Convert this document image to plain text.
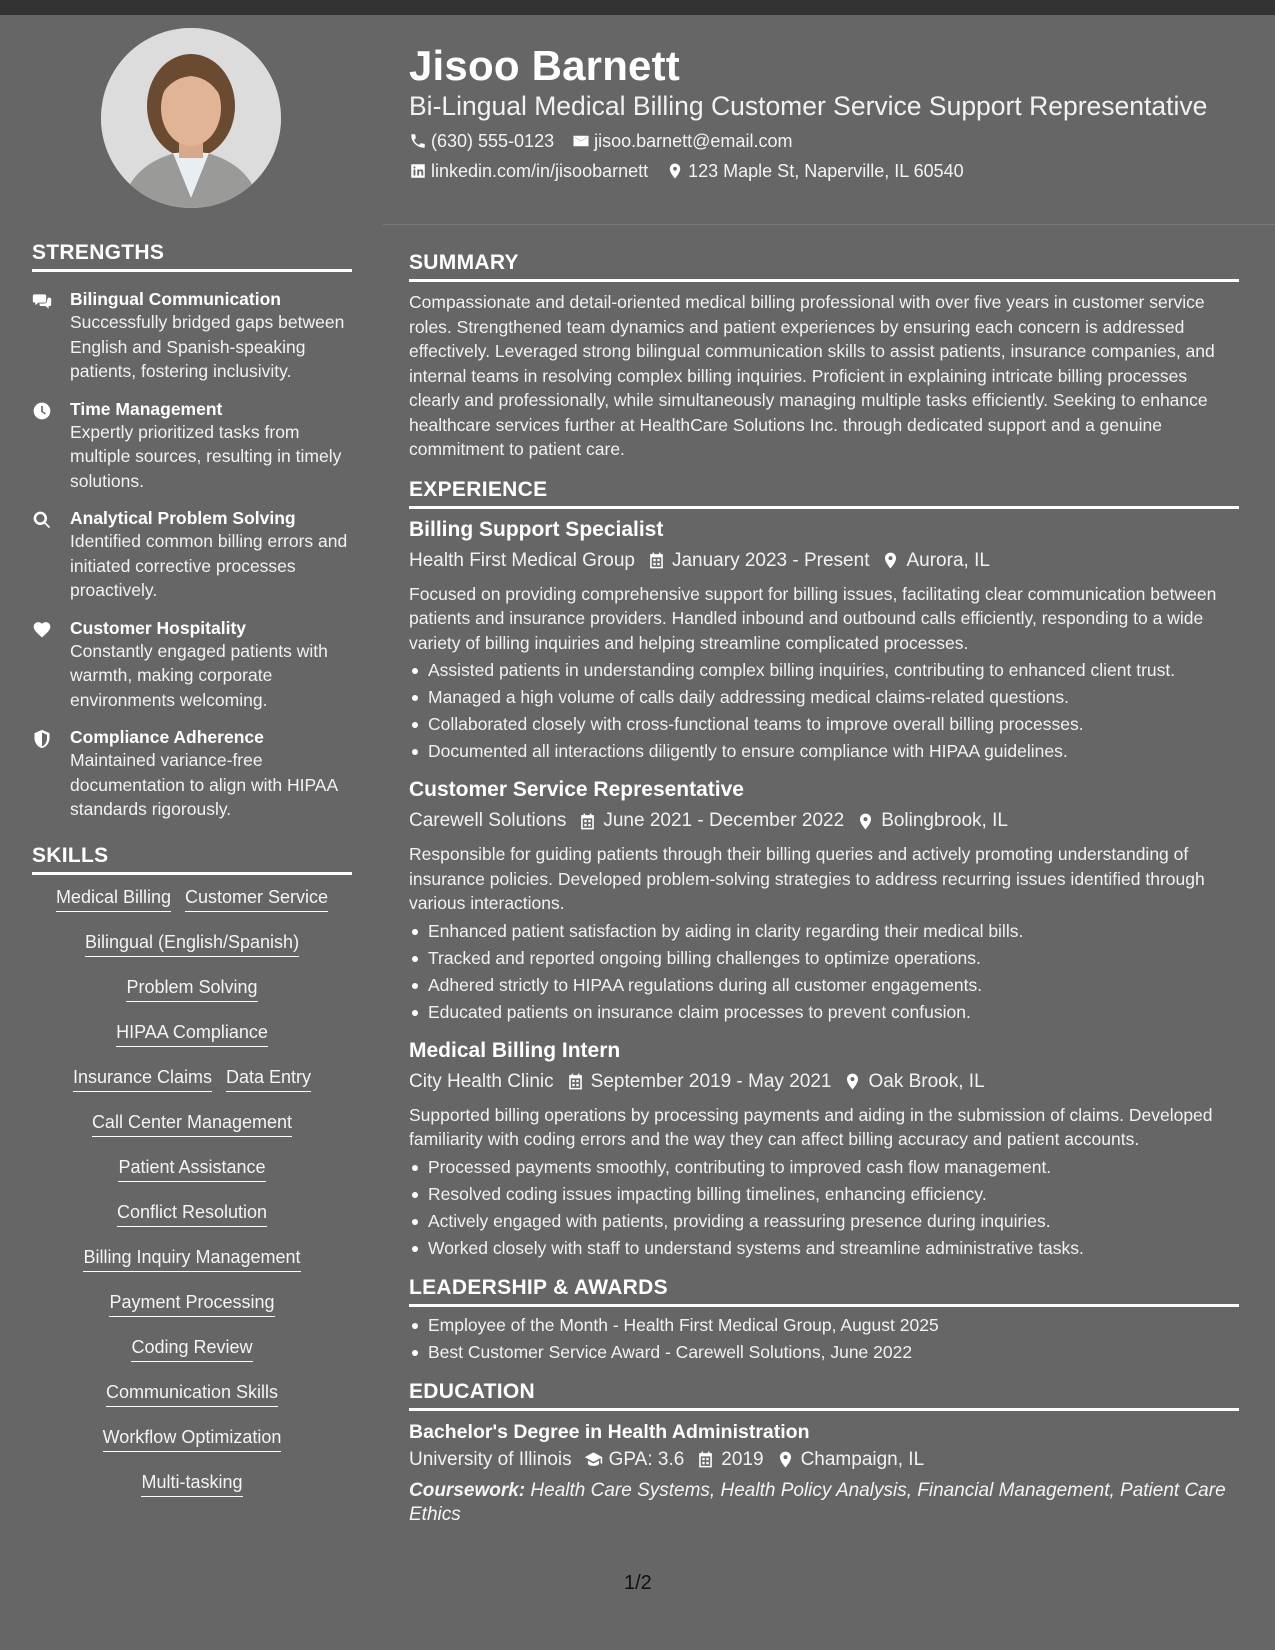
STRENGTHS
Bilingual Communication
Successfully bridged gaps between English and Spanish-speaking patients, fostering inclusivity.
Time Management
Expertly prioritized tasks from multiple sources, resulting in timely solutions.
Analytical Problem Solving
Identified common billing errors and initiated corrective processes proactively.
Customer Hospitality
Constantly engaged patients with warmth, making corporate environments welcoming.
Compliance Adherence
Maintained variance-free documentation to align with HIPAA standards rigorously.
SKILLS
Medical Billing Customer Service
Bilingual (English/Spanish)
Problem Solving
HIPAA Compliance
Insurance Claims Data Entry
Call Center Management
Patient Assistance
Conflict Resolution
Billing Inquiry Management
Payment Processing
Coding Review
Communication Skills
Workflow Optimization
Multi-tasking
Jisoo Barnett
Bi-Lingual Medical Billing Customer Service Support Representative
(630) 555-0123 jisoo.barnett@email.com
linkedin.com/in/jisoobarnett 123 Maple St, Naperville, IL 60540
SUMMARY
Compassionate and detail-oriented medical billing professional with over five years in customer service roles. Strengthened team dynamics and patient experiences by ensuring each concern is addressed effectively. Leveraged strong bilingual communication skills to assist patients, insurance companies, and internal teams in resolving complex billing inquiries. Proficient in explaining intricate billing processes clearly and professionally, while simultaneously managing multiple tasks efficiently. Seeking to enhance healthcare services further at HealthCare Solutions Inc. through dedicated support and a genuine commitment to patient care.
EXPERIENCE
Billing Support Specialist
Health First Medical Group January 2023 - Present Aurora, IL
Focused on providing comprehensive support for billing issues, facilitating clear communication between patients and insurance providers. Handled inbound and outbound calls efficiently, responding to a wide variety of billing inquiries and helping streamline complicated processes.
Assisted patients in understanding complex billing inquiries, contributing to enhanced client trust.
Managed a high volume of calls daily addressing medical claims-related questions.
Collaborated closely with cross-functional teams to improve overall billing processes.
Documented all interactions diligently to ensure compliance with HIPAA guidelines.
Customer Service Representative
Carewell Solutions June 2021 - December 2022 Bolingbrook, IL
Responsible for guiding patients through their billing queries and actively promoting understanding of insurance policies. Developed problem-solving strategies to address recurring issues identified through various interactions.
Enhanced patient satisfaction by aiding in clarity regarding their medical bills.
Tracked and reported ongoing billing challenges to optimize operations.
Adhered strictly to HIPAA regulations during all customer engagements.
Educated patients on insurance claim processes to prevent confusion.
Medical Billing Intern
City Health Clinic September 2019 - May 2021 Oak Brook, IL
Supported billing operations by processing payments and aiding in the submission of claims. Developed familiarity with coding errors and the way they can affect billing accuracy and patient accounts.
Processed payments smoothly, contributing to improved cash flow management.
Resolved coding issues impacting billing timelines, enhancing efficiency.
Actively engaged with patients, providing a reassuring presence during inquiries.
Worked closely with staff to understand systems and streamline administrative tasks.
LEADERSHIP & AWARDS
Employee of the Month - Health First Medical Group, August 2025
Best Customer Service Award - Carewell Solutions, June 2022
EDUCATION
Bachelor's Degree in Health Administration
University of Illinois GPA: 3.6 2019 Champaign, IL
Coursework: Health Care Systems, Health Policy Analysis, Financial Management, Patient Care Ethics
1/2
